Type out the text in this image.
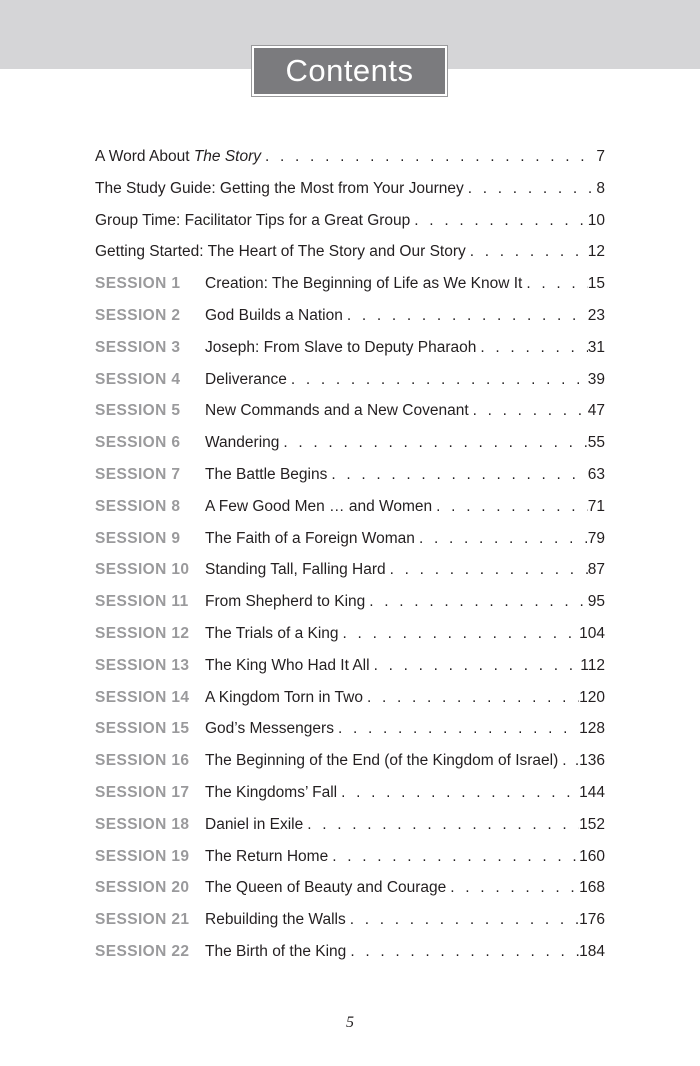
Contents
A Word About The Story . . .	7
The Study Guide: Getting the Most from Your Journey . . .	8
Group Time: Facilitator Tips for a Great Group . . .	10
Getting Started: The Heart of The Story and Our Story . . .	12
SESSION 1	Creation: The Beginning of Life as We Know It . . .	15
SESSION 2	God Builds a Nation . . .	23
SESSION 3	Joseph: From Slave to Deputy Pharaoh . . .	31
SESSION 4	Deliverance . . .	39
SESSION 5	New Commands and a New Covenant . . .	47
SESSION 6	Wandering . . .	55
SESSION 7	The Battle Begins . . .	63
SESSION 8	A Few Good Men … and Women . . .	71
SESSION 9	The Faith of a Foreign Woman . . .	79
SESSION 10	Standing Tall, Falling Hard . . .	87
SESSION 11	From Shepherd to King . . .	95
SESSION 12	The Trials of a King . . .	104
SESSION 13	The King Who Had It All . . .	112
SESSION 14	A Kingdom Torn in Two . . .	120
SESSION 15	God’s Messengers . . .	128
SESSION 16	The Beginning of the End (of the Kingdom of Israel) . . . .136
SESSION 17	The Kingdoms’ Fall . . .	144
SESSION 18	Daniel in Exile . . .	152
SESSION 19	The Return Home . . .	160
SESSION 20	The Queen of Beauty and Courage . . .	168
SESSION 21	Rebuilding the Walls . . .	176
SESSION 22	The Birth of the King . . .	184
5
